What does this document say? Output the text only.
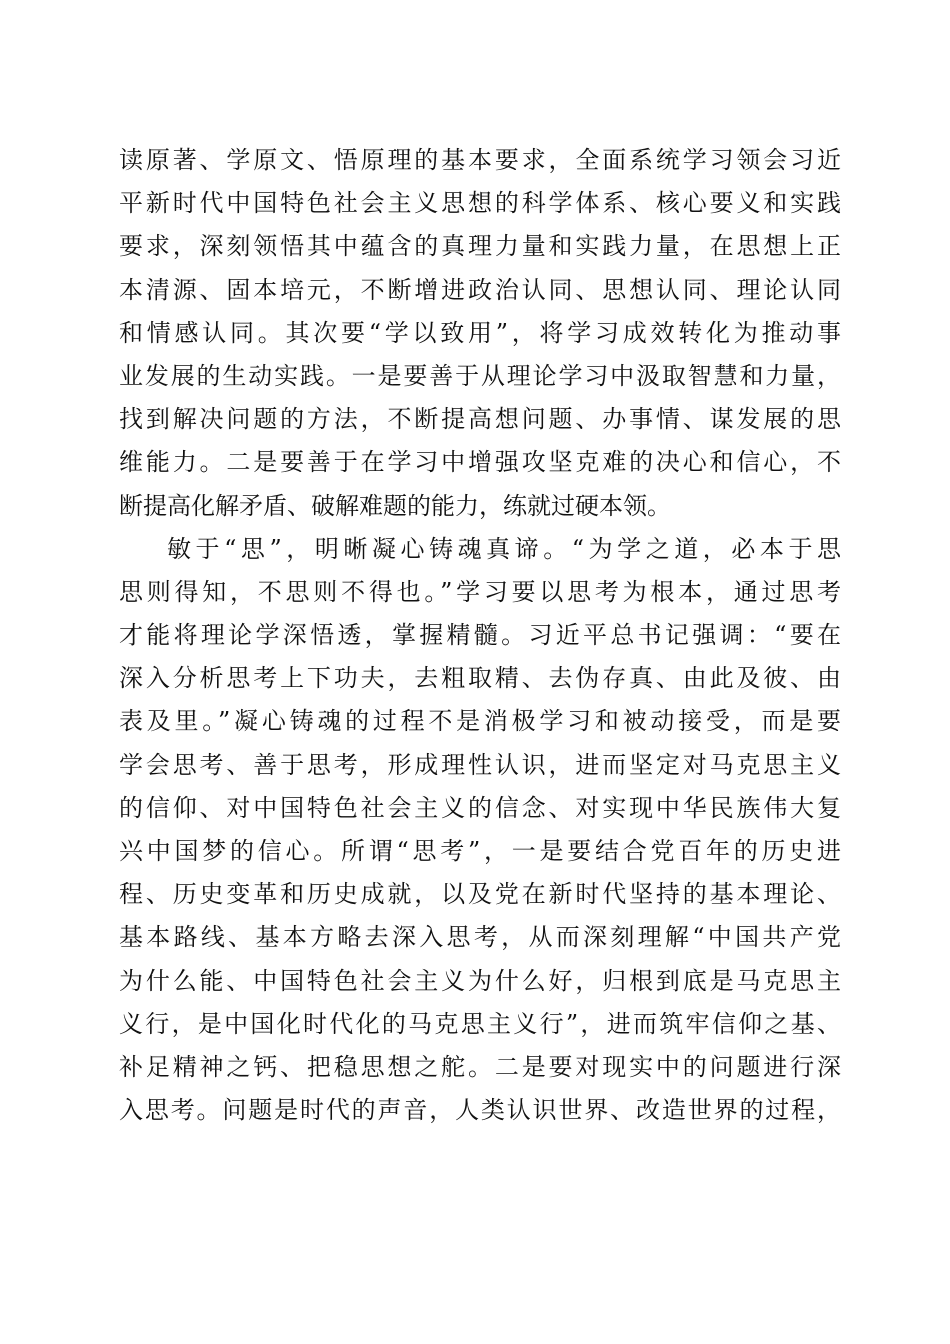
读原著、学原文、悟原理的基本要求，全面系统学习领会习近
平新时代中国特色社会主义思想的科学体系、核心要义和实践
要求，深刻领悟其中蕴含的真理力量和实践力量，在思想上正
本清源、固本培元，不断增进政治认同、思想认同、理论认同
和情感认同。其次要“学以致用”，将学习成效转化为推动事
业发展的生动实践。一是要善于从理论学习中汲取智慧和力量，
找到解决问题的方法，不断提高想问题、办事情、谋发展的思
维能力。二是要善于在学习中增强攻坚克难的决心和信心，不
断提高化解矛盾、破解难题的能力，练就过硬本领。
敏于“思”，明晰凝心铸魂真谛。“为学之道，必本于思
思则得知，不思则不得也。”学习要以思考为根本，通过思考
才能将理论学深悟透，掌握精髓。习近平总书记强调：“要在
深入分析思考上下功夫，去粗取精、去伪存真、由此及彼、由
表及里。”凝心铸魂的过程不是消极学习和被动接受，而是要
学会思考、善于思考，形成理性认识，进而坚定对马克思主义
的信仰、对中国特色社会主义的信念、对实现中华民族伟大复
兴中国梦的信心。所谓“思考”，一是要结合党百年的历史进
程、历史变革和历史成就，以及党在新时代坚持的基本理论、
基本路线、基本方略去深入思考，从而深刻理解“中国共产党
为什么能、中国特色社会主义为什么好，归根到底是马克思主
义行，是中国化时代化的马克思主义行”，进而筑牢信仰之基、
补足精神之钙、把稳思想之舵。二是要对现实中的问题进行深
入思考。问题是时代的声音，人类认识世界、改造世界的过程，
